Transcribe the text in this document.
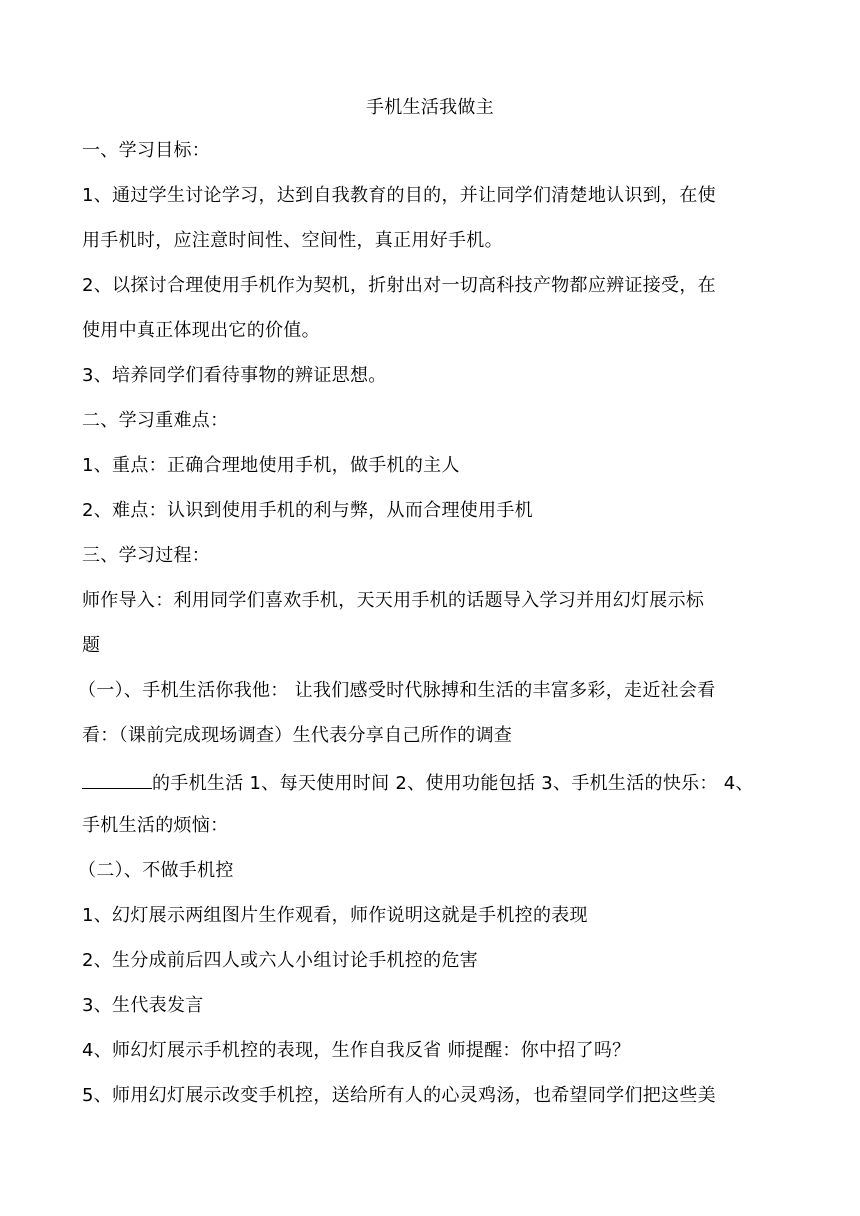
手机生活我做主
一、学习目标：
1、通过学生讨论学习，达到自我教育的目的，并让同学们清楚地认识到，在使
用手机时，应注意时间性、空间性，真正用好手机。
2、以探讨合理使用手机作为契机，折射出对一切高科技产物都应辨证接受，在
使用中真正体现出它的价值。
3、培养同学们看待事物的辨证思想。
二、学习重难点：
1、重点：正确合理地使用手机，做手机的主人
2、难点：认识到使用手机的利与弊，从而合理使用手机
三、学习过程：
师作导入：利用同学们喜欢手机，天天用手机的话题导入学习并用幻灯展示标
题
（一）、手机生活你我他： 让我们感受时代脉搏和生活的丰富多彩，走近社会看
看：（课前完成现场调查）生代表分享自己所作的调查
的手机生活 1、每天使用时间 2、使用功能包括 3、手机生活的快乐： 4、
手机生活的烦恼：
（二）、不做手机控
1、幻灯展示两组图片生作观看，师作说明这就是手机控的表现
2、生分成前后四人或六人小组讨论手机控的危害
3、生代表发言
4、师幻灯展示手机控的表现，生作自我反省 师提醒：你中招了吗？
5、师用幻灯展示改变手机控，送给所有人的心灵鸡汤，也希望同学们把这些美
